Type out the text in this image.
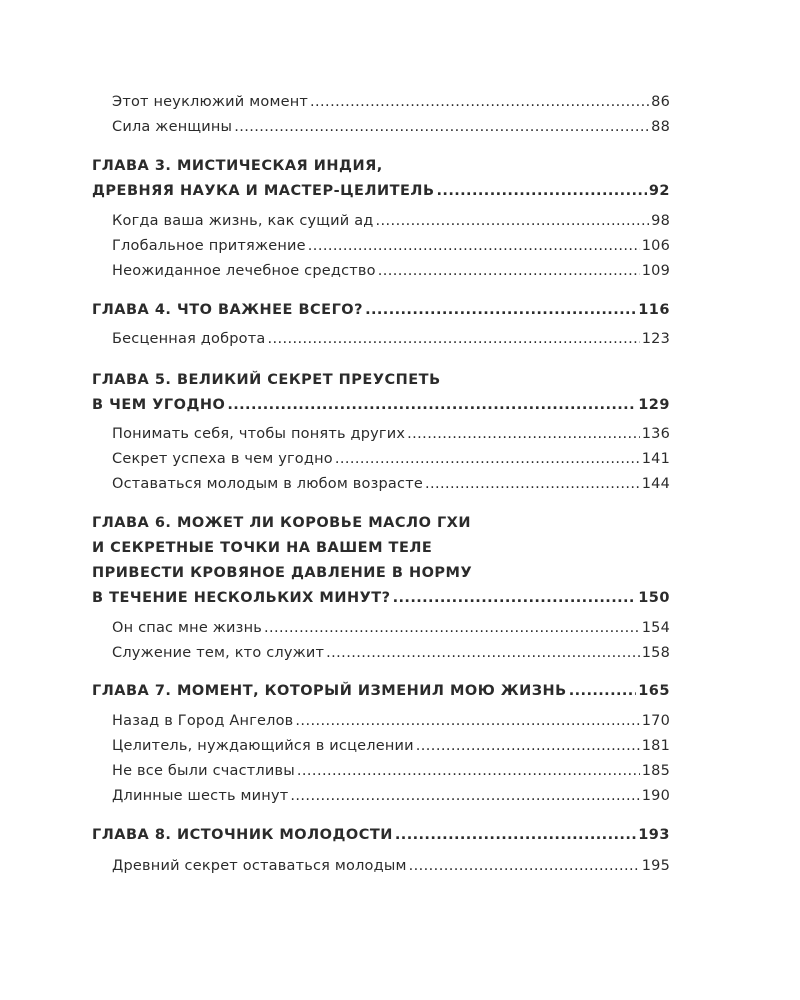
Этот неуклюжий момент .....	86
Сила женщины .....	88
ГЛАВА 3. МИСТИЧЕСКАЯ ИНДИЯ,
ДРЕВНЯЯ НАУКА И МАСТЕР-ЦЕЛИТЕЛЬ .....	92
Когда ваша жизнь, как сущий ад .....	98
Глобальное притяжение .....	106
Неожиданное лечебное средство .....	109
ГЛАВА 4. ЧТО ВАЖНЕЕ ВСЕГО? .....	116
Бесценная доброта .....	123
ГЛАВА 5. ВЕЛИКИЙ СЕКРЕТ ПРЕУСПЕТЬ
В ЧЕМ УГОДНО .....	129
Понимать себя, чтобы понять других .....	136
Секрет успеха в чем угодно .....	141
Оставаться молодым в любом возрасте .....	144
ГЛАВА 6. МОЖЕТ ЛИ КОРОВЬЕ МАСЛО ГХИ
И СЕКРЕТНЫЕ ТОЧКИ НА ВАШЕМ ТЕЛЕ
ПРИВЕСТИ КРОВЯНОЕ ДАВЛЕНИЕ В НОРМУ
В ТЕЧЕНИЕ НЕСКОЛЬКИХ МИНУТ? .....	150
Он спас мне жизнь .....	154
Служение тем, кто служит .....	158
ГЛАВА 7. МОМЕНТ, КОТОРЫЙ ИЗМЕНИЛ МОЮ ЖИЗНЬ .....	165
Назад в Город Ангелов .....	170
Целитель, нуждающийся в исцелении .....	181
Не все были счастливы .....	185
Длинные шесть минут .....	190
ГЛАВА 8. ИСТОЧНИК МОЛОДОСТИ .....	193
Древний секрет оставаться молодым .....	195
